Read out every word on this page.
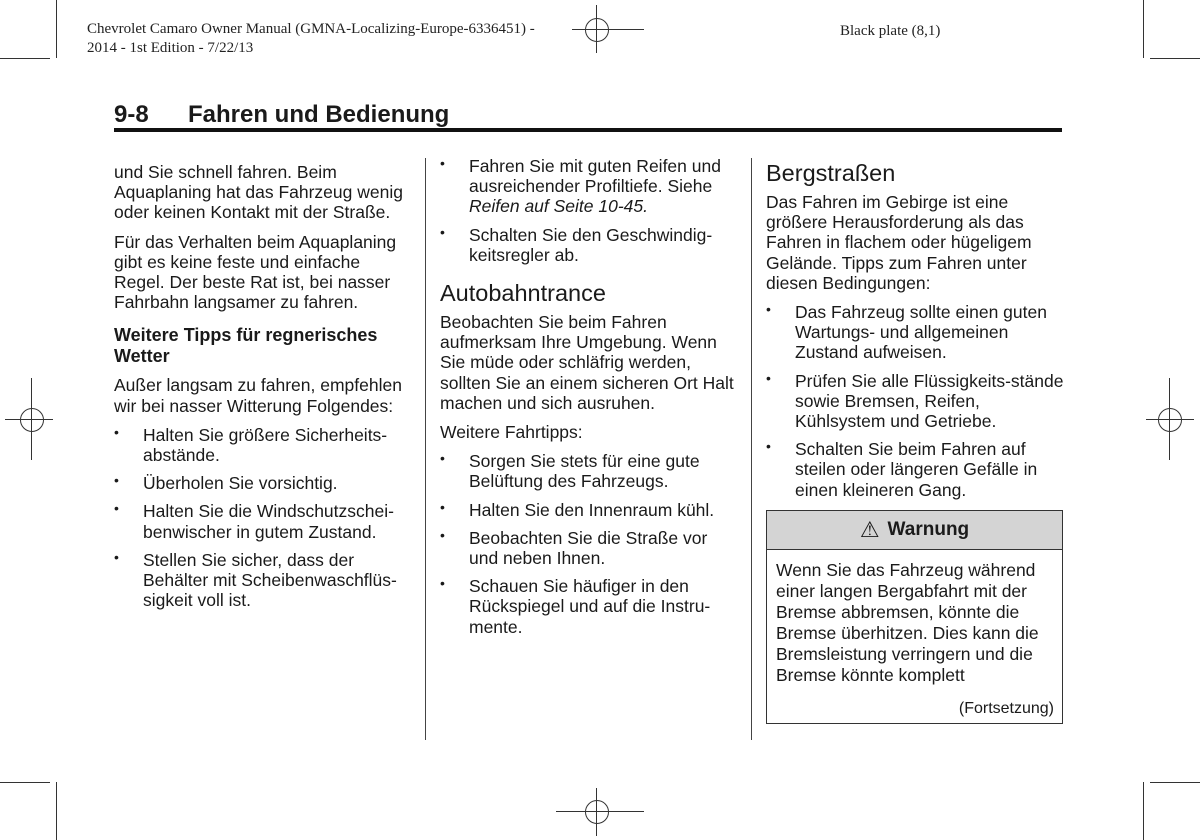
Chevrolet Camaro Owner Manual (GMNA-Localizing-Europe-6336451) -
2014 - 1st Edition - 7/22/13
Black plate (8,1)
9-8 Fahren und Bedienung

und Sie schnell fahren. Beim Aquaplaning hat das Fahrzeug wenig oder keinen Kontakt mit der Straße.

Für das Verhalten beim Aquaplaning gibt es keine feste und einfache Regel. Der beste Rat ist, bei nasser Fahrbahn langsamer zu fahren.

Weitere Tipps für regnerisches Wetter

Außer langsam zu fahren, empfehlen wir bei nasser Witterung Folgendes:

• Halten Sie größere Sicherheits-abstände.
• Überholen Sie vorsichtig.
• Halten Sie die Windschutzschei-benwischer in gutem Zustand.
• Stellen Sie sicher, dass der Behälter mit Scheibenwaschflüs-sigkeit voll ist.
• Fahren Sie mit guten Reifen und ausreichender Profiltiefe. Siehe Reifen auf Seite 10-45.
• Schalten Sie den Geschwindig-keitsregler ab.
Autobahntrance

Beobachten Sie beim Fahren aufmerksam Ihre Umgebung. Wenn Sie müde oder schläfrig werden, sollten Sie an einem sicheren Ort Halt machen und sich ausruhen.

Weitere Fahrtipps:

• Sorgen Sie stets für eine gute Belüftung des Fahrzeugs.
• Halten Sie den Innenraum kühl.
• Beobachten Sie die Straße vor und neben Ihnen.
• Schauen Sie häufiger in den Rückspiegel und auf die Instru-mente.
Bergstraßen

Das Fahren im Gebirge ist eine größere Herausforderung als das Fahren in flachem oder hügeligem Gelände. Tipps zum Fahren unter diesen Bedingungen:

• Das Fahrzeug sollte einen guten Wartungs- und allgemeinen Zustand aufweisen.
• Prüfen Sie alle Flüssigkeits-stände sowie Bremsen, Reifen, Kühlsystem und Getriebe.
• Schalten Sie beim Fahren auf steilen oder längeren Gefälle in einen kleineren Gang.
⚠ Warnung
Wenn Sie das Fahrzeug während einer langen Bergabfahrt mit der Bremse abbremsen, könnte die Bremse überhitzen. Dies kann die Bremsleistung verringern und die Bremse könnte komplett
(Fortsetzung)
